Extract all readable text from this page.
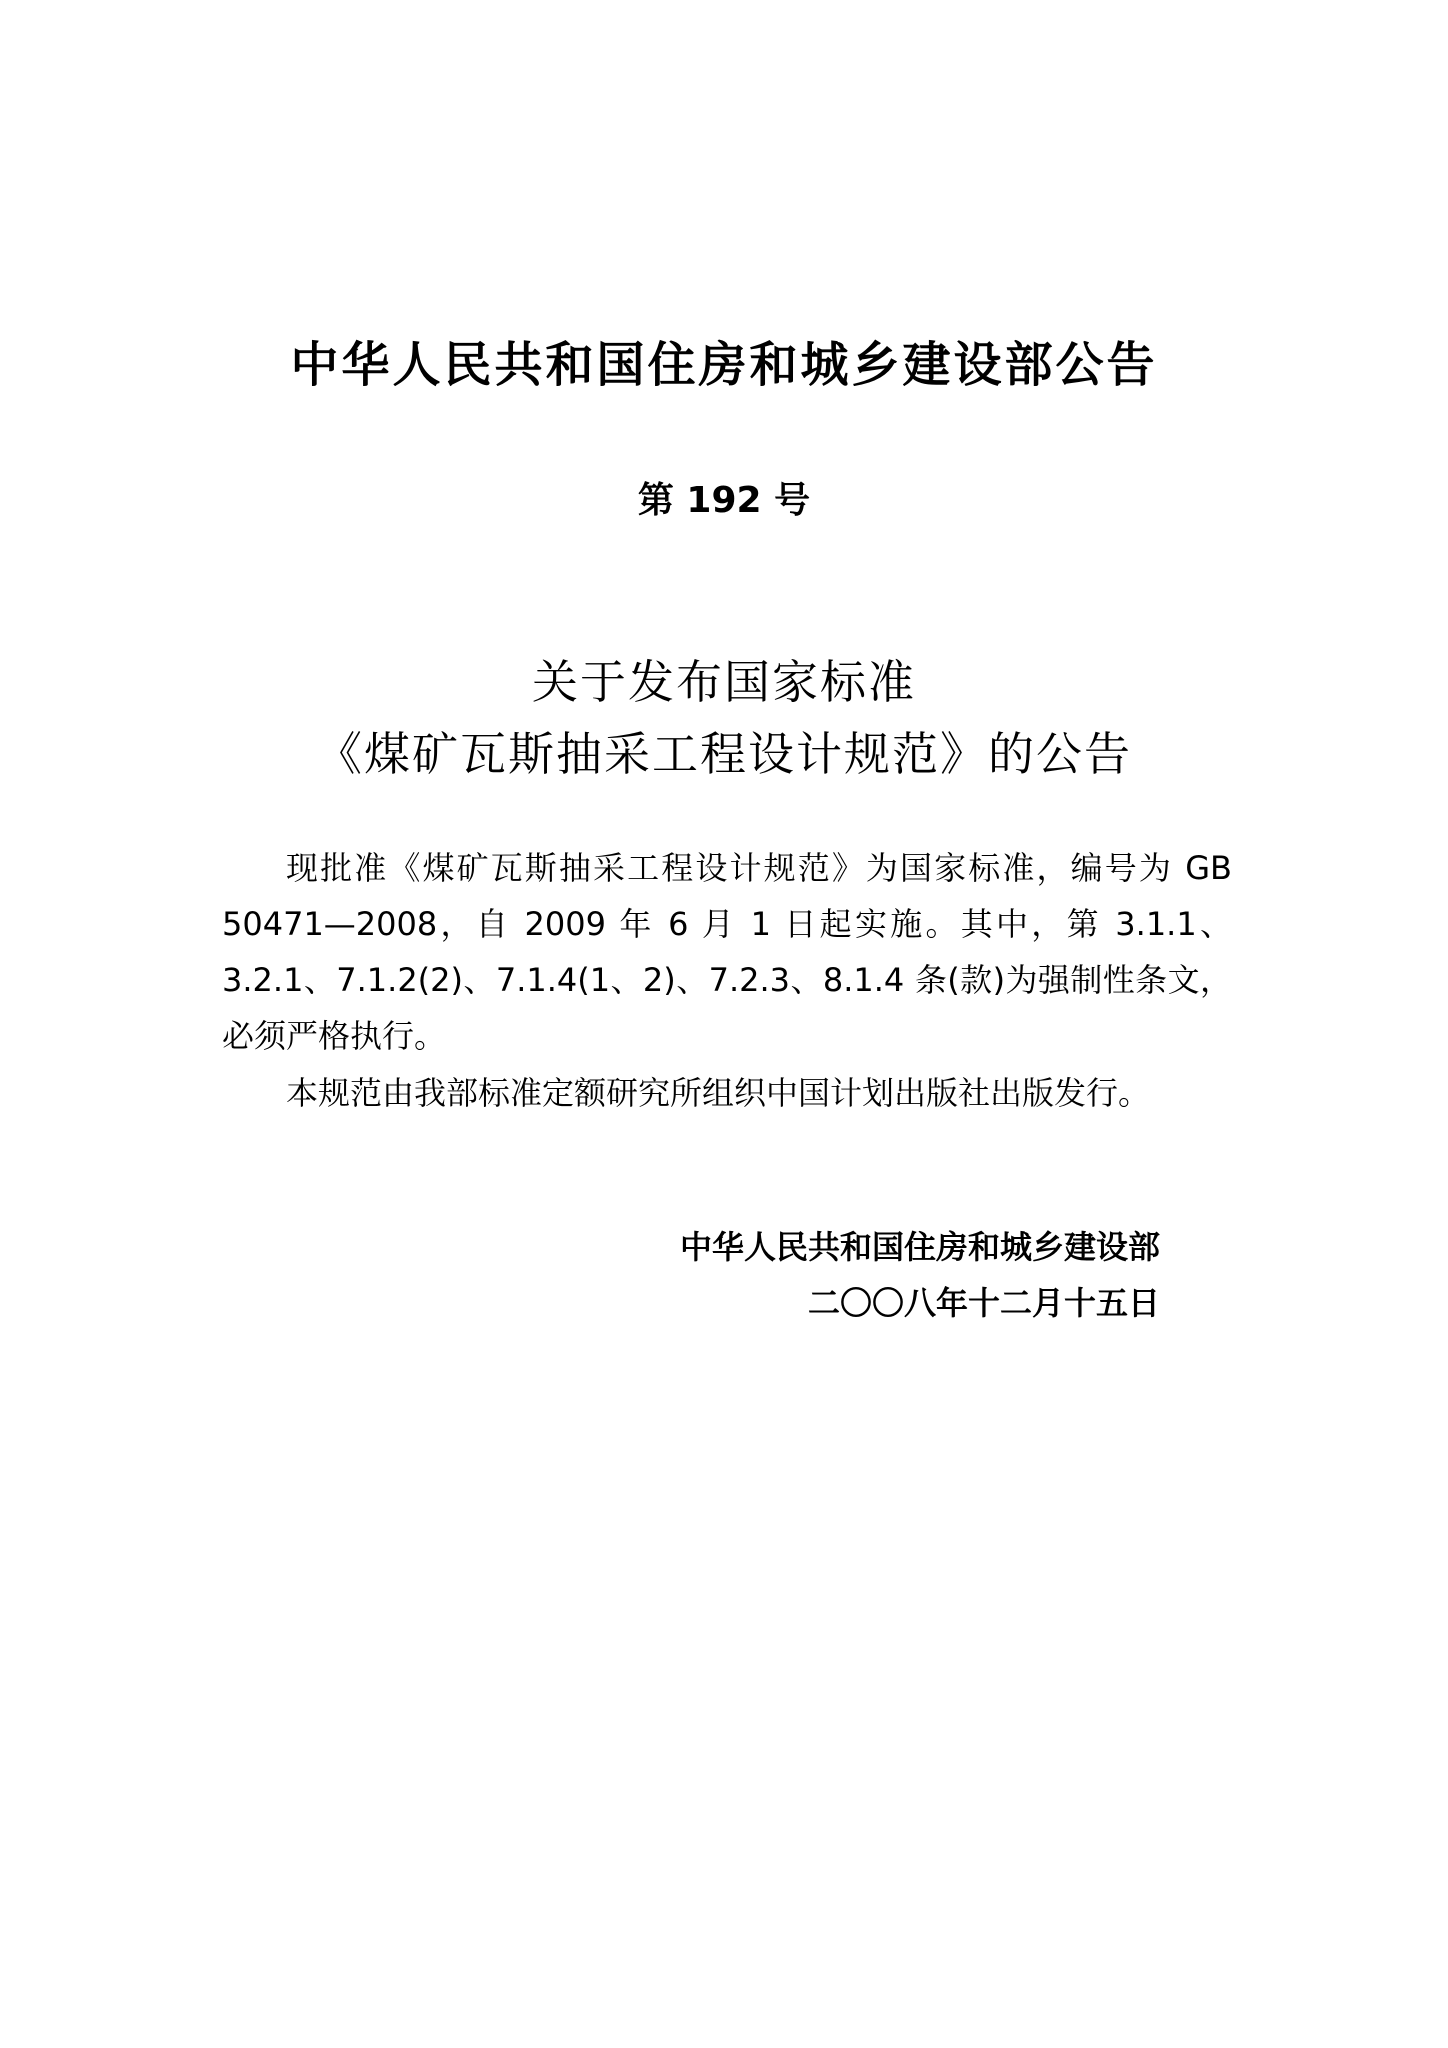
中华人民共和国住房和城乡建设部公告
第 192 号
关于发布国家标准
《煤矿瓦斯抽采工程设计规范》的公告

现批准《煤矿瓦斯抽采工程设计规范》为国家标准，编号为 GB 50471—2008，自 2009 年 6 月 1 日起实施。其中，第 3.1.1、3.2.1、7.1.2(2)、7.1.4(1、2)、7.2.3、8.1.4 条(款)为强制性条文，必须严格执行。

本规范由我部标准定额研究所组织中国计划出版社出版发行。

中华人民共和国住房和城乡建设部
二〇〇八年十二月十五日
